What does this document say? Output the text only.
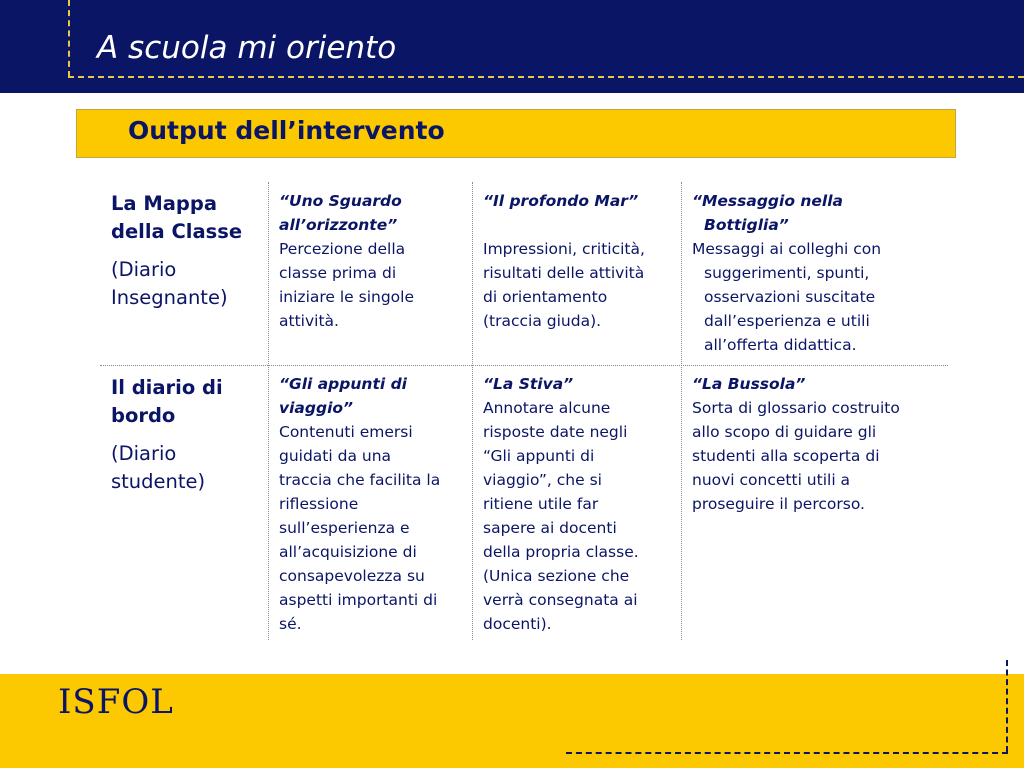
A scuola mi oriento
Output dell’intervento
La Mappa
della Classe
(Diario
Insegnante)
“Uno Sguardo
all’orizzonte”
Percezione della
classe prima di
iniziare le singole
attività.
“Il profondo Mar”
Impressioni, criticità,
risultati delle attività
di orientamento
(traccia giuda).
“Messaggio nella
Bottiglia”
Messaggi ai colleghi con
suggerimenti, spunti,
osservazioni suscitate
dall’esperienza e utili
all’offerta didattica.
Il diario di
bordo
(Diario
studente)
“Gli appunti di
viaggio”
Contenuti emersi
guidati da una
traccia che facilita la
riflessione
sull’esperienza e
all’acquisizione di
consapevolezza su
aspetti importanti di
sé.
“La Stiva”
Annotare alcune
risposte date negli
“Gli appunti di
viaggio”, che si
ritiene utile far
sapere ai docenti
della propria classe.
(Unica sezione che
verrà consegnata ai
docenti).
“La Bussola”
Sorta di glossario costruito
allo scopo di guidare gli
studenti alla scoperta di
nuovi concetti utili a
proseguire il percorso.
ISFOL
